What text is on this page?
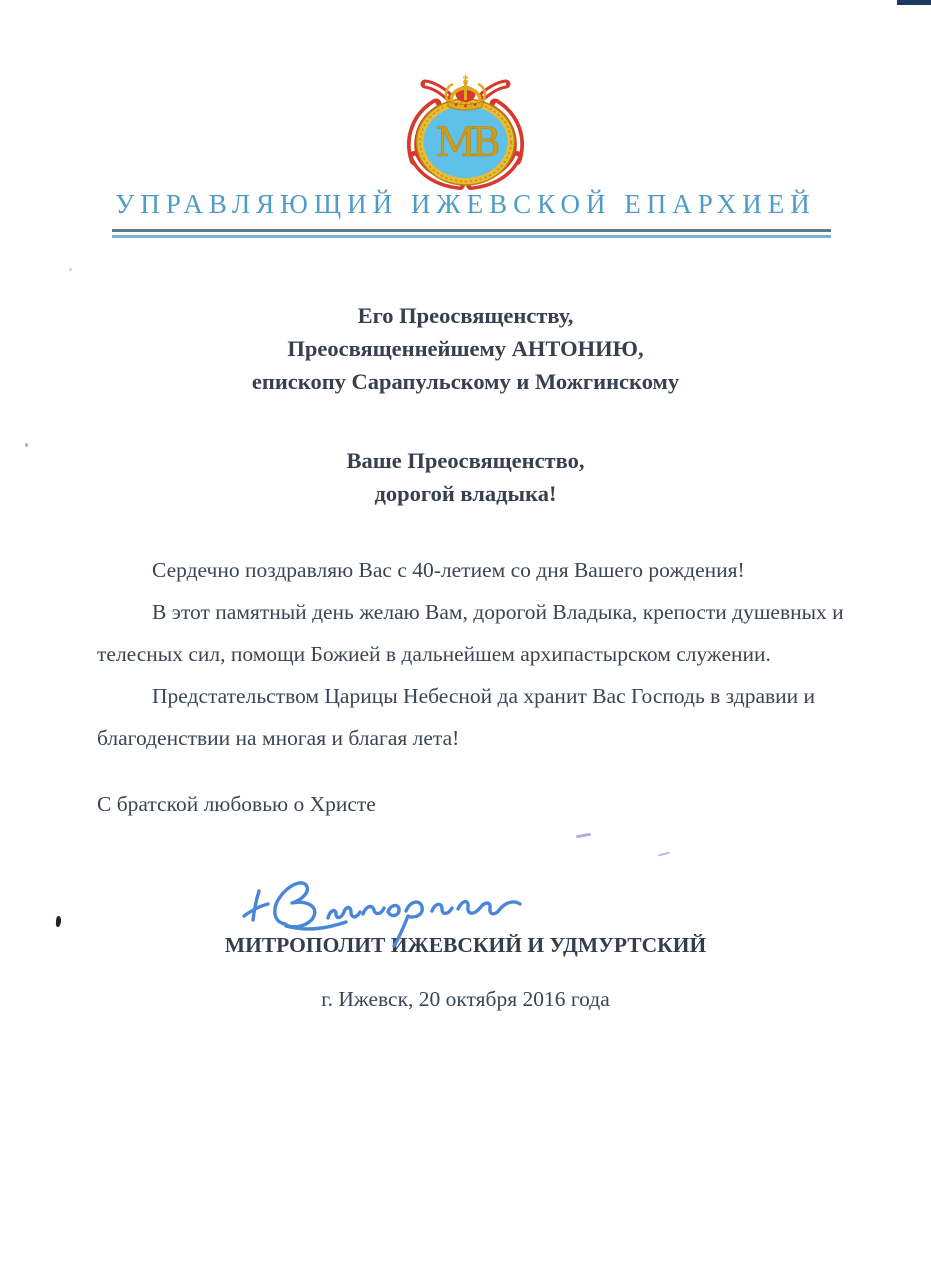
МВ
УПРАВЛЯЮЩИЙ ИЖЕВСКОЙ ЕПАРХИЕЙ
Его Преосвященству,
Преосвященнейшему АНТОНИЮ,
епископу Сарапульскому и Можгинскому
Ваше Преосвященство,
дорогой владыка!
Сердечно поздравляю Вас с 40-летием со дня Вашего рождения!
В этот памятный день желаю Вам, дорогой Владыка, крепости душевных и
телесных сил, помощи Божией в дальнейшем архипастырском служении.
Предстательством Царицы Небесной да хранит Вас Господь в здравии и
благоденствии на многая и благая лета!
С братской любовью о Христе
МИТРОПОЛИТ ИЖЕВСКИЙ И УДМУРТСКИЙ
г. Ижевск, 20 октября 2016 года
